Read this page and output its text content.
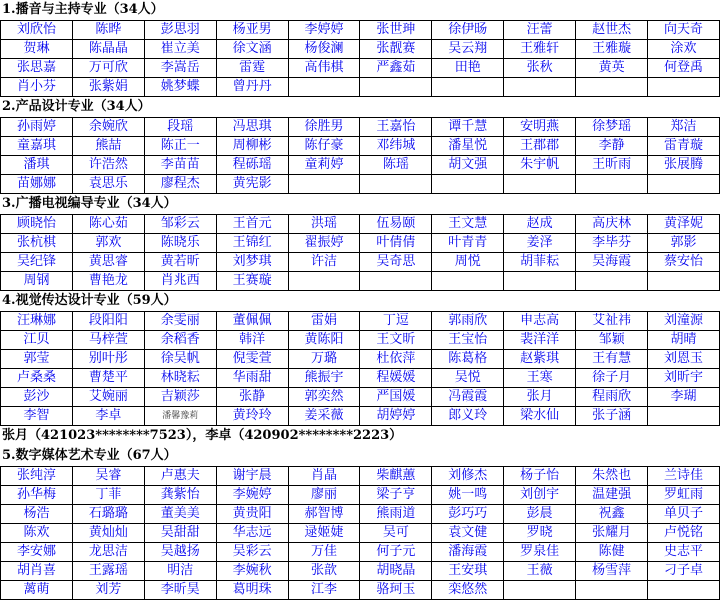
1.播音与主持专业（34人）
刘欣怡	陈晔	彭思羽	杨亚男	李婷婷	张世珅	徐伊旸	汪蕾	赵世杰	向天奇
贺琳	陈晶晶	崔立美	徐文涵	杨俊澜	张靓赛	吴云翔	王雅轩	王雅璇	涂欢
张思嘉	万可欣	李嵩岳	雷霆	高伟棋	严鑫茹	田艳	张秋	黄英	何登禹
肖小芬	张紫娟	姚梦蝶	曾丹丹						
2.产品设计专业（34人）
孙雨婷	余婉欣	段瑶	冯思琪	徐胜男	王嘉怡	谭千慧	安明燕	徐梦瑶	郑洁
童嘉琪	熊喆	陈正一	周柳彬	陈仔豪	邓纬城	潘星悦	王郡郡	李静	雷青璇
潘琪	许浩然	李苗苗	程砾瑶	童莉婷	陈瑶	胡文强	朱宇帆	王昕雨	张展腾
苗娜娜	袁思乐	廖程杰	黄宪影						
3.广播电视编导专业（34人）
顾晓怡	陈心茹	邹彩云	王首元	洪瑶	伍易颐	王文慧	赵成	高庆林	黄泽妮
张杭棋	郭欢	陈晓乐	王锦红	翟振婷	叶倩倩	叶青青	姜泽	李毕芬	郭影
吴纪锋	黄思睿	黄若昕	刘梦琪	许洁	吴奇思	周悦	胡菲耘	吴海霞	蔡安怡
周钢	曹艳龙	肖兆西	王赛璇						
4.视觉传达设计专业（59人）
汪琳娜	段阳阳	余雯丽	董佩佩	雷娟	丁逗	郭雨欣	申志高	艾祉祎	刘潼源
江贝	马梓萱	余稻香	韩洋	黄陈阳	王文昕	王宝怡	裴洋洋	邹颖	胡晴
郭莹	别叶彤	徐吴帆	倪雯萱	万璐	杜依萍	陈葛格	赵紫琪	王有慧	刘恩玉
卢桑桑	曹楚平	林晓耘	华雨甜	熊振宇	程媛媛	吴悦	王寒	徐子月	刘昕宇
彭沙	艾婉丽	吉颖莎	张静	郭奕然	严国媛	冯霞霞	张月	程雨欣	李瑚
李智	李卓	潘馨豫莉	黄玲玲	姜采薇	胡婷婷	郎义玲	梁水仙	张子涵	
张月（421023********7523），李卓（420902********2223）
5.数字媒体艺术专业（67人）
张纯淳	吴睿	卢惠夫	谢宇晨	肖晶	柴麒蕙	刘修杰	杨子怡	朱然也	兰诗佳
孙华梅	丁菲	龚紫怡	李婉婷	廖丽	梁子亨	姚一鸣	刘创宇	温建强	罗虹雨
杨浩	石璐璐	董美美	黄贵阳	郝智博	熊雨道	彭巧巧	彭晨	祝鑫	单贝子
陈欢	黄灿灿	吴甜甜	华志远	逯姬婕	吴可	袁文健	罗晓	张耀月	卢悦铭
李安娜	龙思洁	吴越扬	吴彩云	万佳	何子元	潘海霞	罗泉佳	陈健	史志平
胡肖喜	王露瑶	明洁	李婉秋	张歆	胡晓晶	王安琪	王薇	杨雪萍	刁子卓
蓠萌	刘芳	李昕昊	葛明珠	江李	骆珂玉	栾悠然			
